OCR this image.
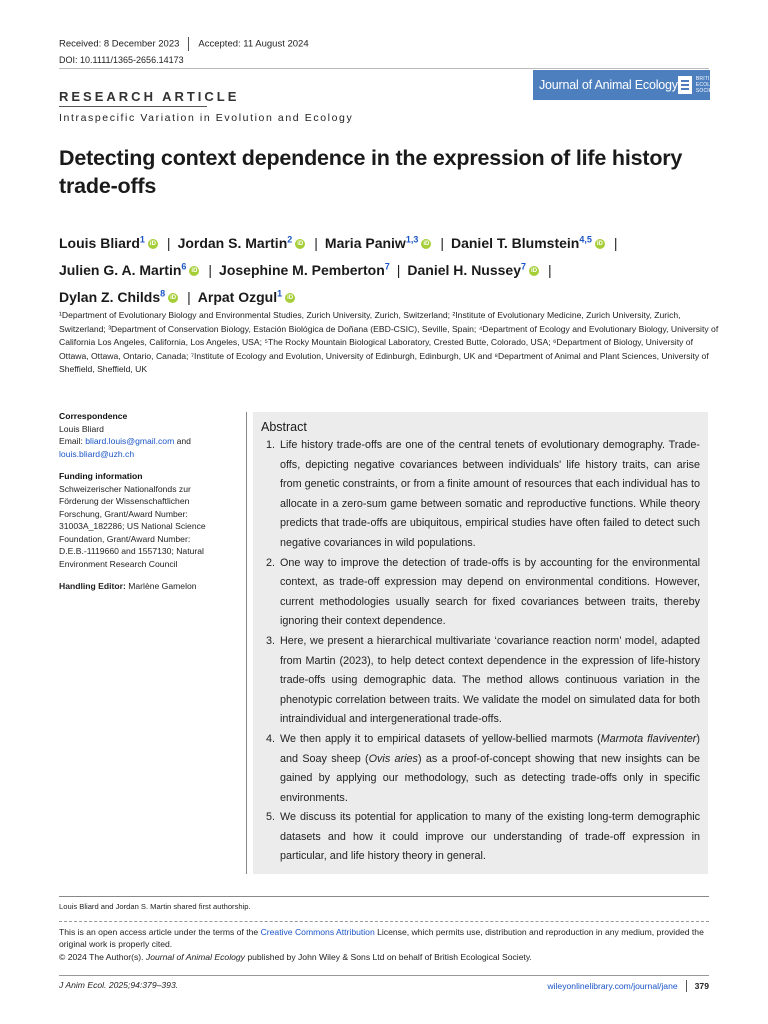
Received: 8 December 2023 Accepted: 11 August 2024
DOI: 10.1111/1365-2656.14173
Journal of Animal Ecology	BRITISH
ECOLOGICAL
SOCIETY
RESEARCH ARTICLE
Intraspecific Variation in Evolution and Ecology
Detecting context dependence in the expression of life history trade-offs
Louis Bliard$^1$ iD | Jordan S. Martin$^2$ iD | Maria Paniw$^{1,3}$ iD | Daniel T. Blumstein$^{4,5}$ iD |
Julien G. A. Martin$^6$ iD | Josephine M. Pemberton$^7$ | Daniel H. Nussey$^7$ iD |
Dylan Z. Childs$^8$ iD | Arpat Ozgul$^1$ iD
¹Department of Evolutionary Biology and Environmental Studies, Zurich University, Zurich, Switzerland; ²Institute of Evolutionary Medicine, Zurich University, Zurich, Switzerland; ³Department of Conservation Biology, Estación Biológica de Doñana (EBD-CSIC), Seville, Spain; ⁴Department of Ecology and Evolutionary Biology, University of California Los Angeles, California, Los Angeles, USA; ⁵The Rocky Mountain Biological Laboratory, Crested Butte, Colorado, USA; ⁶Department of Biology, University of Ottawa, Ottawa, Ontario, Canada; ⁷Institute of Ecology and Evolution, University of Edinburgh, Edinburgh, UK and ⁸Department of Animal and Plant Sciences, University of Sheffield, Sheffield, UK
Correspondence

Louis Bliard
Email: bliard.louis@gmail.com and louis.bliard@uzh.ch

Funding information

Schweizerischer Nationalfonds zur Förderung der Wissenschaftlichen Forschung, Grant/Award Number: 31003A_182286; US National Science Foundation, Grant/Award Number: D.E.B.-1119660 and 1557130; Natural Environment Research Council

Handling Editor: Marlène Gamelon

Abstract
1. Life history trade-offs are one of the central tenets of evolutionary demography. Trade-offs, depicting negative covariances between individuals' life history traits, can arise from genetic constraints, or from a finite amount of resources that each individual has to allocate in a zero-sum game between somatic and reproductive functions. While theory predicts that trade-offs are ubiquitous, empirical studies have often failed to detect such negative covariances in wild populations.
2. One way to improve the detection of trade-offs is by accounting for the environmental context, as trade-off expression may depend on environmental conditions. However, current methodologies usually search for fixed covariances between traits, thereby ignoring their context dependence.
3. Here, we present a hierarchical multivariate ‘covariance reaction norm’ model, adapted from Martin (2023), to help detect context dependence in the expression of life-history trade-offs using demographic data. The method allows continuous variation in the phenotypic correlation between traits. We validate the model on simulated data for both intraindividual and intergenerational trade-offs.
4. We then apply it to empirical datasets of yellow-bellied marmots (Marmota flaviventer) and Soay sheep (Ovis aries) as a proof-of-concept showing that new insights can be gained by applying our methodology, such as detecting trade-offs only in specific environments.
5. We discuss its potential for application to many of the existing long-term demographic datasets and how it could improve our understanding of trade-off expression in particular, and life history theory in general.
Louis Bliard and Jordan S. Martin shared first authorship.
This is an open access article under the terms of the Creative Commons Attribution License, which permits use, distribution and reproduction in any medium, provided the original work is properly cited.
© 2024 The Author(s). Journal of Animal Ecology published by John Wiley & Sons Ltd on behalf of British Ecological Society.
J Anim Ecol. 2025;94:379–393.	wileyonlinelibrary.com/journal/jane 379
